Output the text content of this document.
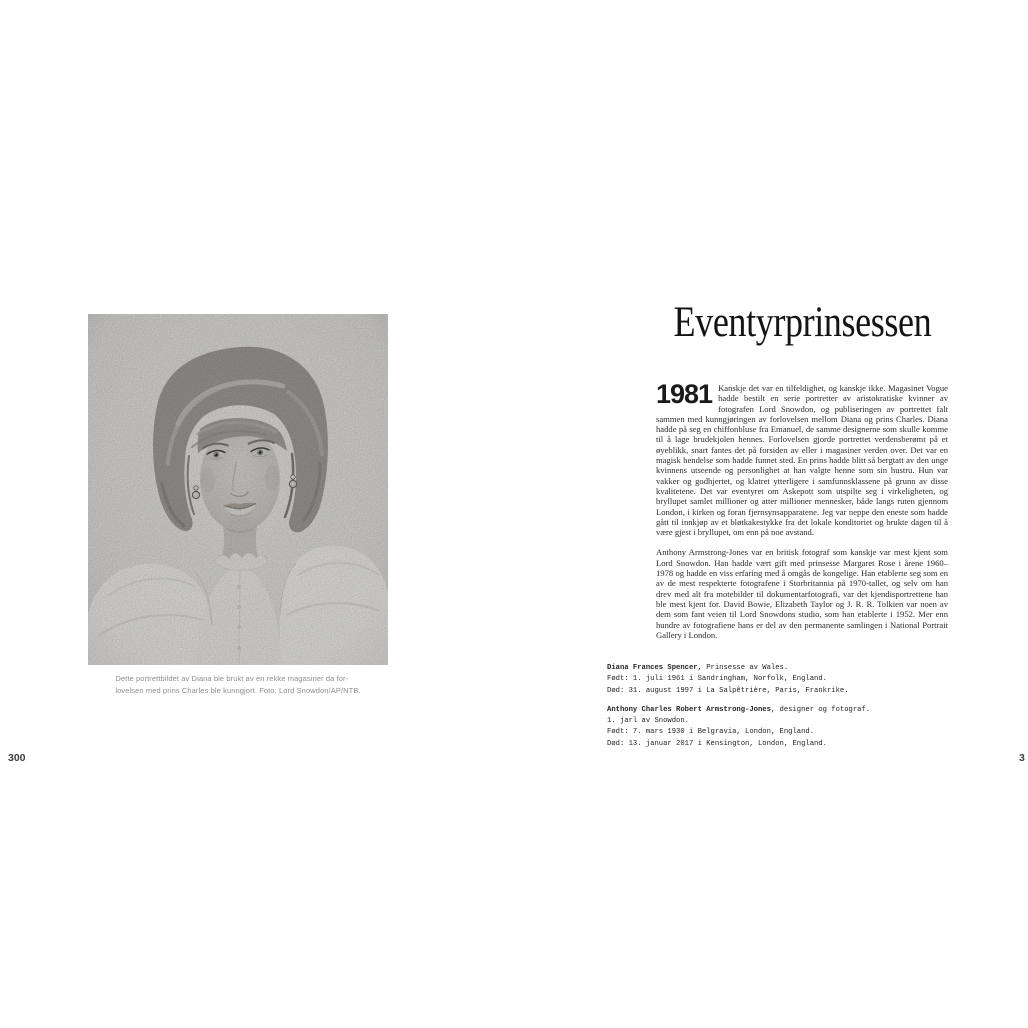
Dette portrettbildet av Diana ble brukt av en rekke magasiner da for-
lovelsen med prins Charles ble kunngjort. Foto: Lord Snowdon/AP/NTB.
300
Eventyrprinsessen

1981 Kanskje det var en tilfeldighet, og kanskje ikke. Magasinet Vogue hadde bestilt en serie portretter av aristokratiske kvinner av fotografen Lord Snowdon, og publiseringen av portrettet falt sammen med kunngjøringen av forlovelsen mellom Diana og prins Charles. Diana hadde på seg en chiffonbluse fra Emanuel, de samme designerne som skulle komme til å lage brudekjolen hennes. Forlovelsen gjorde portrettet verdensberømt på et øyeblikk, snart fantes det på forsiden av eller i magasiner verden over. Det var en magisk hendelse som hadde funnet sted. En prins hadde blitt så bergtatt av den unge kvinnens utseende og personlighet at han valgte henne som sin hustru. Hun var vakker og godhjertet, og klatret ytterligere i samfunnsklassene på grunn av disse kvalitetene. Det var eventyret om Askepott som utspilte seg i virkeligheten, og bryllupet samlet millioner og atter millioner mennesker, både langs ruten gjennom London, i kirken og foran fjernsynsapparatene. Jeg var neppe den eneste som hadde gått til innkjøp av et bløtkakestykke fra det lokale konditoriet og brukte dagen til å være gjest i bryllupet, om enn på noe avstand.

Anthony Armstrong-Jones var en britisk fotograf som kanskje var mest kjent som Lord Snowdon. Han hadde vært gift med prinsesse Margaret Rose i årene 1960–1978 og hadde en viss erfaring med å omgås de kongelige. Han etablerte seg som en av de mest respekterte fotografene i Storbritannia på 1970-tallet, og selv om han drev med alt fra motebilder til dokumentarfotografi, var det kjendisportrettene han ble mest kjent for. David Bowie, Elizabeth Taylor og J. R. R. Tolkien var noen av dem som fant veien til Lord Snowdons studio, som han etablerte i 1952. Mer enn hundre av fotografiene hans er del av den permanente samlingen i National Portrait Gallery i London.

Diana Frances Spencer, Prinsesse av Wales.
Født: 1. juli 1961 i Sandringham, Norfolk, England.
Død: 31. august 1997 i La Salpêtrière, Paris, Frankrike.
Anthony Charles Robert Armstrong-Jones, designer og fotograf.
1. jarl av Snowdon.
Født: 7. mars 1930 i Belgravia, London, England.
Død: 13. januar 2017 i Kensington, London, England.
3
